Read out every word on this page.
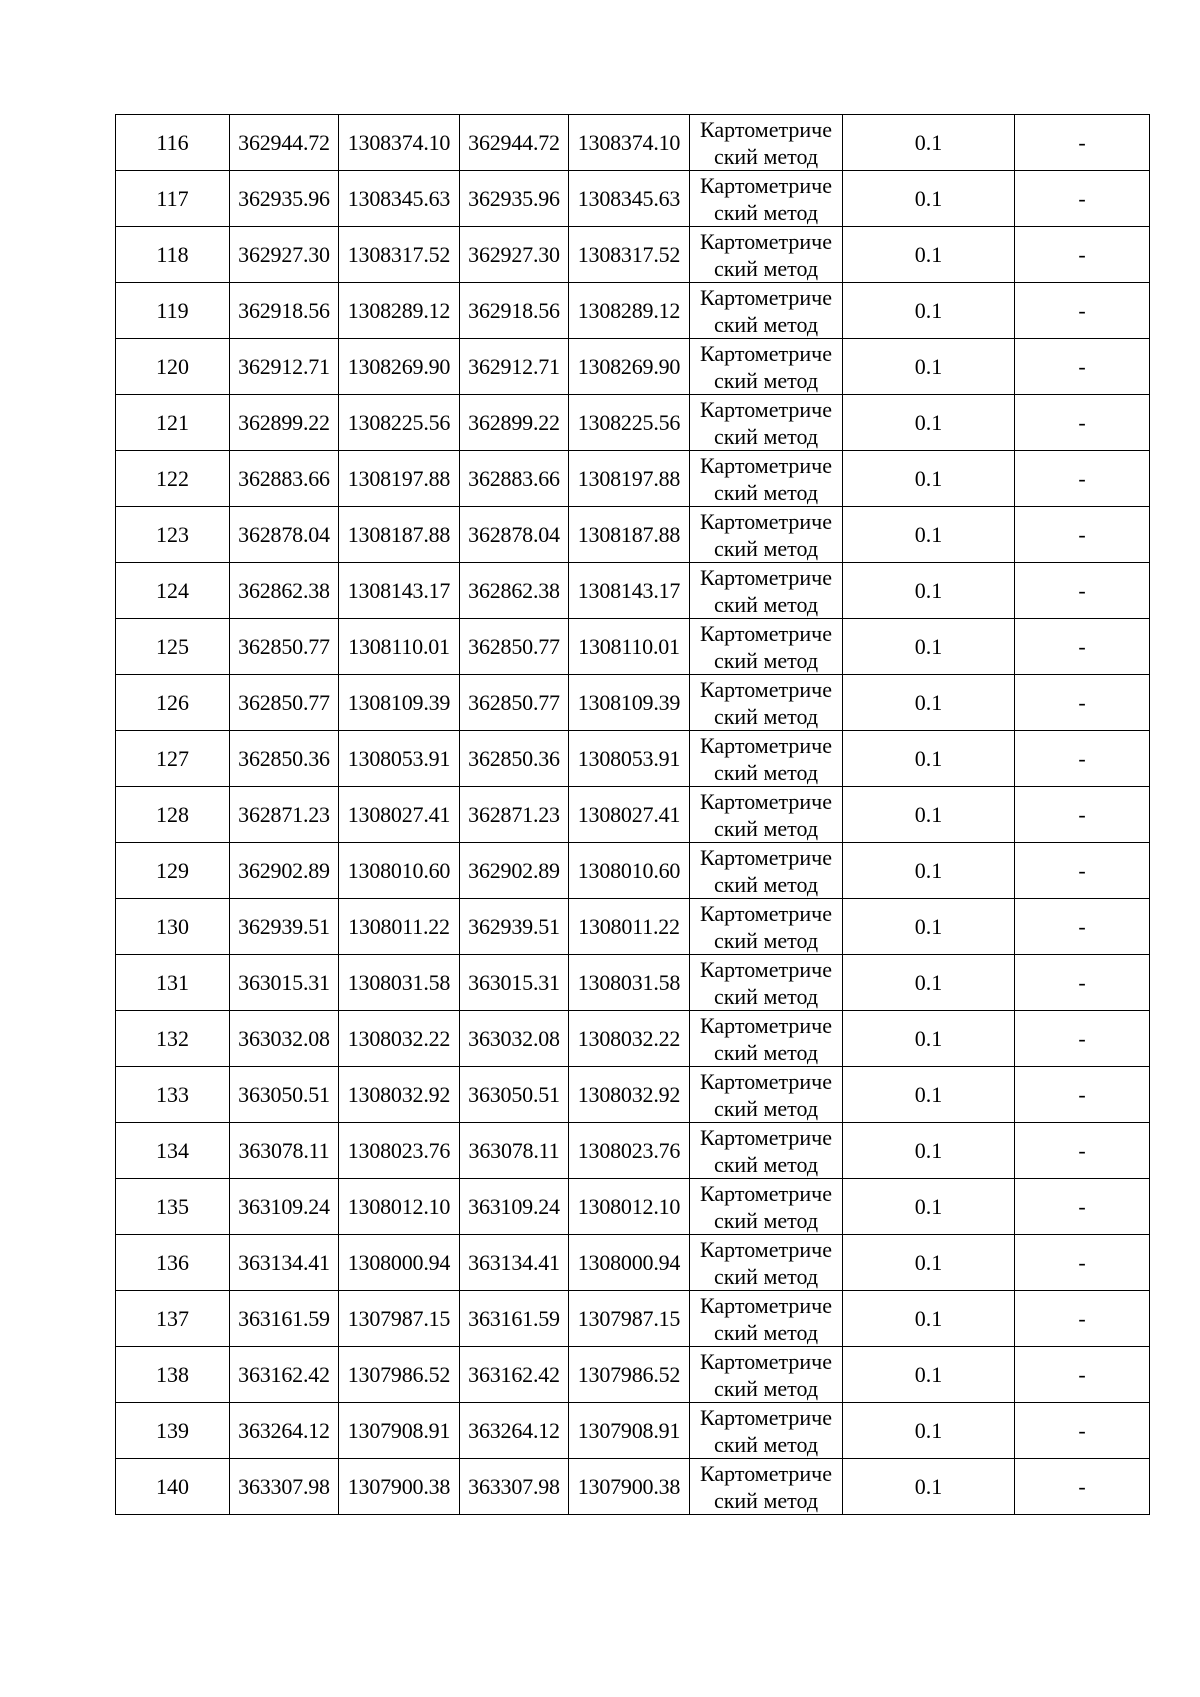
116	362944.72	1308374.10	362944.72	1308374.10	Картометриче
ский метод	0.1	-
117	362935.96	1308345.63	362935.96	1308345.63	Картометриче
ский метод	0.1	-
118	362927.30	1308317.52	362927.30	1308317.52	Картометриче
ский метод	0.1	-
119	362918.56	1308289.12	362918.56	1308289.12	Картометриче
ский метод	0.1	-
120	362912.71	1308269.90	362912.71	1308269.90	Картометриче
ский метод	0.1	-
121	362899.22	1308225.56	362899.22	1308225.56	Картометриче
ский метод	0.1	-
122	362883.66	1308197.88	362883.66	1308197.88	Картометриче
ский метод	0.1	-
123	362878.04	1308187.88	362878.04	1308187.88	Картометриче
ский метод	0.1	-
124	362862.38	1308143.17	362862.38	1308143.17	Картометриче
ский метод	0.1	-
125	362850.77	1308110.01	362850.77	1308110.01	Картометриче
ский метод	0.1	-
126	362850.77	1308109.39	362850.77	1308109.39	Картометриче
ский метод	0.1	-
127	362850.36	1308053.91	362850.36	1308053.91	Картометриче
ский метод	0.1	-
128	362871.23	1308027.41	362871.23	1308027.41	Картометриче
ский метод	0.1	-
129	362902.89	1308010.60	362902.89	1308010.60	Картометриче
ский метод	0.1	-
130	362939.51	1308011.22	362939.51	1308011.22	Картометриче
ский метод	0.1	-
131	363015.31	1308031.58	363015.31	1308031.58	Картометриче
ский метод	0.1	-
132	363032.08	1308032.22	363032.08	1308032.22	Картометриче
ский метод	0.1	-
133	363050.51	1308032.92	363050.51	1308032.92	Картометриче
ский метод	0.1	-
134	363078.11	1308023.76	363078.11	1308023.76	Картометриче
ский метод	0.1	-
135	363109.24	1308012.10	363109.24	1308012.10	Картометриче
ский метод	0.1	-
136	363134.41	1308000.94	363134.41	1308000.94	Картометриче
ский метод	0.1	-
137	363161.59	1307987.15	363161.59	1307987.15	Картометриче
ский метод	0.1	-
138	363162.42	1307986.52	363162.42	1307986.52	Картометриче
ский метод	0.1	-
139	363264.12	1307908.91	363264.12	1307908.91	Картометриче
ский метод	0.1	-
140	363307.98	1307900.38	363307.98	1307900.38	Картометриче
ский метод	0.1	-
